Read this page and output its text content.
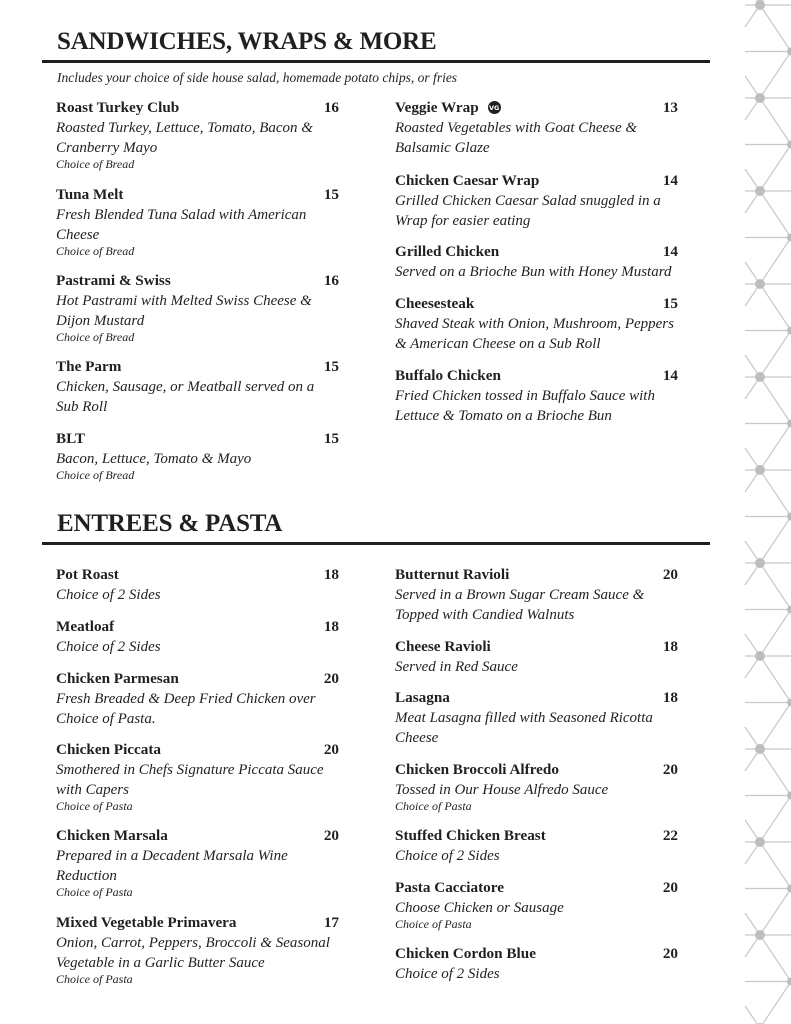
SANDWICHES, WRAPS & MORE
Includes your choice of side house salad, homemade potato chips, or fries
Roast Turkey Club	16
Roasted Turkey, Lettuce, Tomato, Bacon & Cranberry Mayo
Choice of Bread
Tuna Melt	15
Fresh Blended Tuna Salad with American Cheese
Choice of Bread
Pastrami & Swiss	16
Hot Pastrami with Melted Swiss Cheese & Dijon Mustard
Choice of Bread
The Parm	15
Chicken, Sausage, or Meatball served on a Sub Roll
BLT	15
Bacon, Lettuce, Tomato & Mayo
Choice of Bread
Veggie Wrap VG	13
Roasted Vegetables with Goat Cheese & Balsamic Glaze
Chicken Caesar Wrap	14
Grilled Chicken Caesar Salad snuggled in a Wrap for easier eating
Grilled Chicken	14
Served on a Brioche Bun with Honey Mustard
Cheesesteak	15
Shaved Steak with Onion, Mushroom, Peppers & American Cheese on a Sub Roll
Buffalo Chicken	14
Fried Chicken tossed in Buffalo Sauce with Lettuce & Tomato on a Brioche Bun
ENTREES & PASTA
Pot Roast	18
Choice of 2 Sides
Meatloaf	18
Choice of 2 Sides
Chicken Parmesan	20
Fresh Breaded & Deep Fried Chicken over Choice of Pasta.
Chicken Piccata	20
Smothered in Chefs Signature Piccata Sauce with Capers
Choice of Pasta
Chicken Marsala	20
Prepared in a Decadent Marsala Wine Reduction
Choice of Pasta
Mixed Vegetable Primavera	17
Onion, Carrot, Peppers, Broccoli & Seasonal Vegetable in a Garlic Butter Sauce
Choice of Pasta
Butternut Ravioli	20
Served in a Brown Sugar Cream Sauce & Topped with Candied Walnuts
Cheese Ravioli	18
Served in Red Sauce
Lasagna	18
Meat Lasagna filled with Seasoned Ricotta Cheese
Chicken Broccoli Alfredo	20
Tossed in Our House Alfredo Sauce
Choice of Pasta
Stuffed Chicken Breast	22
Choice of 2 Sides
Pasta Cacciatore	20
Choose Chicken or Sausage
Choice of Pasta
Chicken Cordon Blue	20
Choice of 2 Sides
